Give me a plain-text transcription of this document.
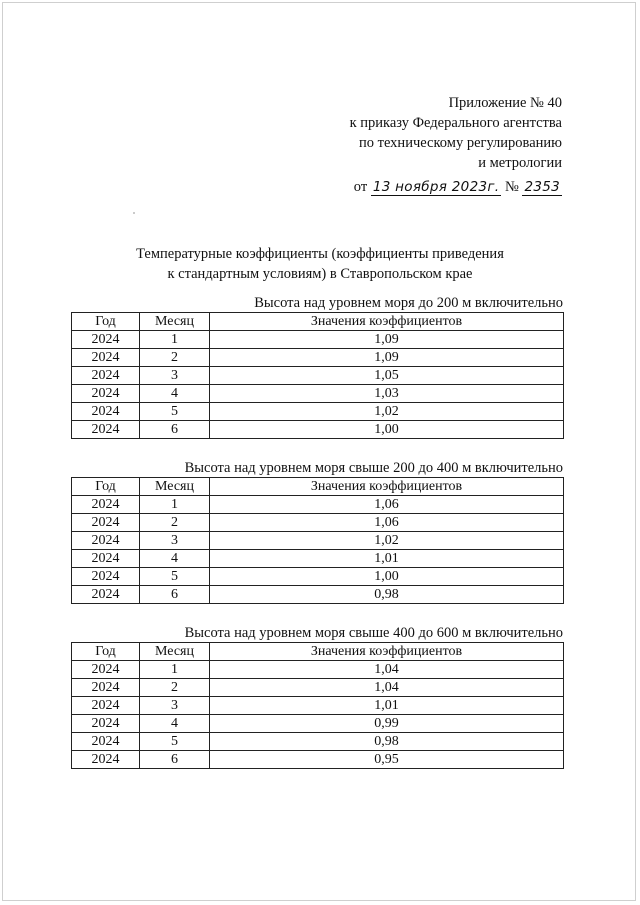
Приложение № 40
к приказу Федерального агентства
по техническому регулированию
и метрологии
от 13 ноября 2023г. № 2353
Температурные коэффициенты (коэффициенты приведения
к стандартным условиям) в Ставропольском крае
Высота над уровнем моря до 200 м включительно
Год	Месяц	Значения коэффициентов
2024	1	1,09
2024	2	1,09
2024	3	1,05
2024	4	1,03
2024	5	1,02
2024	6	1,00
Высота над уровнем моря свыше 200 до 400 м включительно
Год	Месяц	Значения коэффициентов
2024	1	1,06
2024	2	1,06
2024	3	1,02
2024	4	1,01
2024	5	1,00
2024	6	0,98
Высота над уровнем моря свыше 400 до 600 м включительно
Год	Месяц	Значения коэффициентов
2024	1	1,04
2024	2	1,04
2024	3	1,01
2024	4	0,99
2024	5	0,98
2024	6	0,95
